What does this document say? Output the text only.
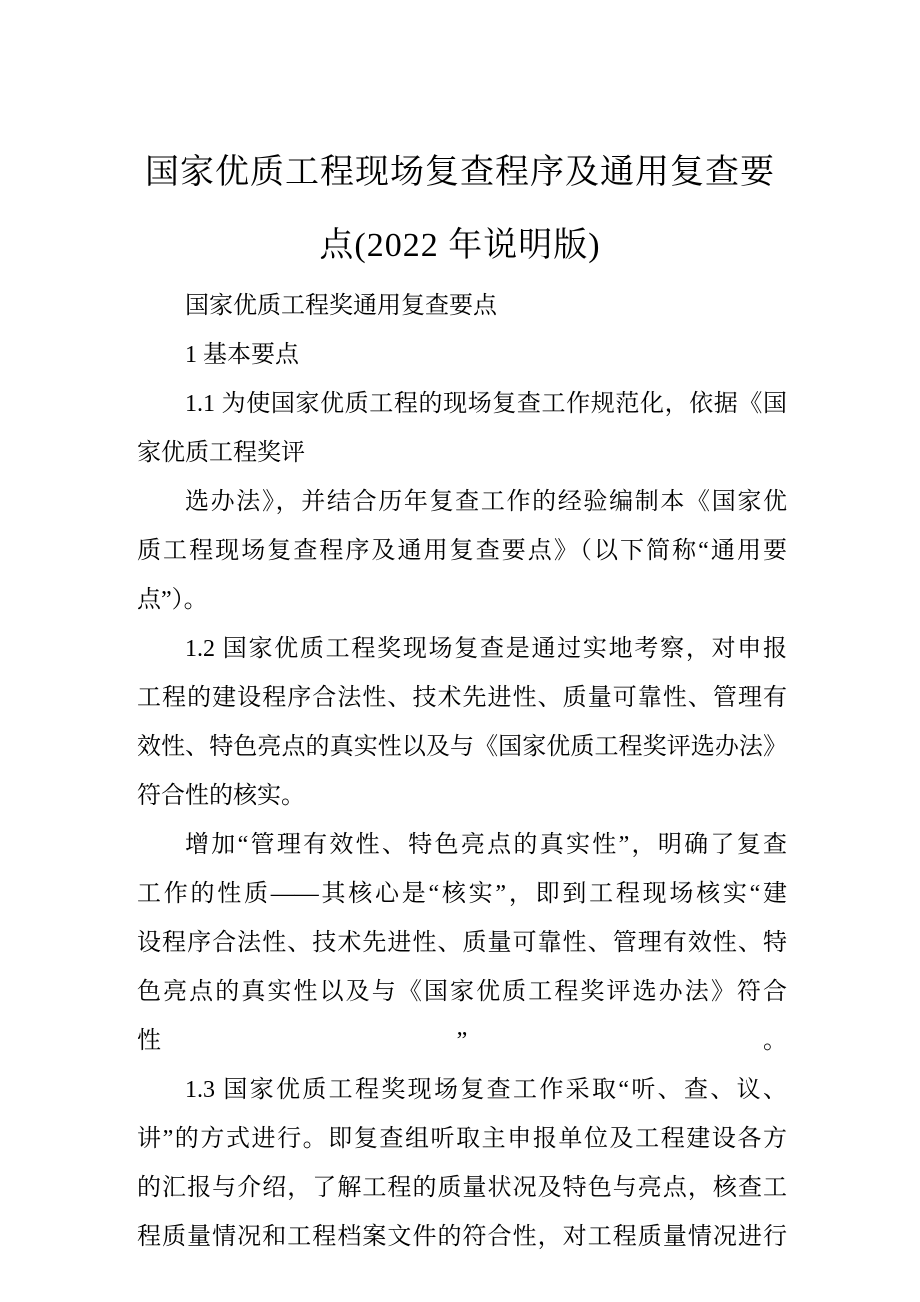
国家优质工程现场复查程序及通用复查要
点(2022 年说明版)
国家优质工程奖通用复查要点
1 基本要点
1.1 为使国家优质工程的现场复查工作规范化，依据《国
家优质工程奖评
选办法》，并结合历年复查工作的经验编制本《国家优
质工程现场复查程序及通用复查要点》（以下简称“通用要
点”）。
1.2 国家优质工程奖现场复查是通过实地考察，对申报
工程的建设程序合法性、技术先进性、质量可靠性、管理有
效性、特色亮点的真实性以及与《国家优质工程奖评选办法》
符合性的核实。
增加“管理有效性、特色亮点的真实性”，明确了复查
工作的性质——其核心是“核实”，即到工程现场核实“建
设程序合法性、技术先进性、质量可靠性、管理有效性、特
色亮点的真实性以及与《国家优质工程奖评选办法》符合性”。
1.3 国家优质工程奖现场复查工作采取“听、查、议、
讲”的方式进行。即复查组听取主申报单位及工程建设各方
的汇报与介绍，了解工程的质量状况及特色与亮点，核查工
程质量情况和工程档案文件的符合性，对工程质量情况进行
